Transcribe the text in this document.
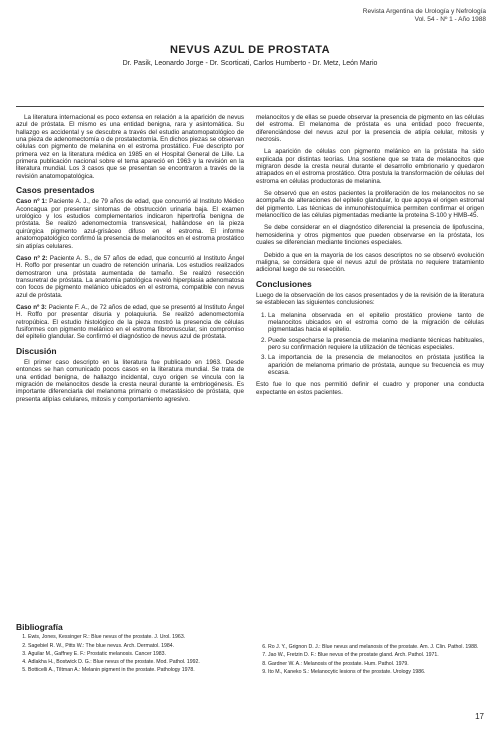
Revista Argentina de Urología y Nefrología
Vol. 54 - Nº 1 - Año 1988
NEVUS AZUL DE PROSTATA
Dr. Pasik, Leonardo Jorge - Dr. Scorticati, Carlos Humberto - Dr. Metz, León Mario

La literatura internacional es poco extensa en relación a la aparición de nevus azul de próstata. El mismo es una entidad benigna, rara y asintomática. Su hallazgo es accidental y se descubre a través del estudio anatomopatológico de una pieza de adenomectomía o de prostatectomía. En dichos piezas se observan células con pigmento de melanina en el estroma prostático. Fue descripto por primera vez en la literatura médica en 1985 en el Hospital General de Lille. La primera publicación nacional sobre el tema apareció en 1963 y la revisión en la literatura mundial. Los 3 casos que se presentan se encontraron a través de la revisión anatomopatológica.

Casos presentados

Caso nº 1: Paciente A. J., de 79 años de edad, que concurrió al Instituto Médico Aconcagua por presentar síntomas de obstrucción urinaria baja. El examen urológico y los estudios complementarios indicaron hipertrofia benigna de próstata. Se realizó adenomectomía transvesical, hallándose en la pieza quirúrgica pigmento azul-grisáceo difuso en el estroma. El informe anatomopatológico confirmó la presencia de melanocitos en el estroma prostático sin atipías celulares.

Caso nº 2: Paciente A. S., de 57 años de edad, que concurrió al Instituto Ángel H. Roffo por presentar un cuadro de retención urinaria. Los estudios realizados demostraron una próstata aumentada de tamaño. Se realizó resección transuretral de próstata. La anatomía patológica reveló hiperplasia adenomatosa con focos de pigmento melánico ubicados en el estroma, compatible con nevus azul de próstata.

Caso nº 3: Paciente F. A., de 72 años de edad, que se presentó al Instituto Ángel H. Roffo por presentar disuria y polaquiuria. Se realizó adenomectomía retropúbica. El estudio histológico de la pieza mostró la presencia de células fusiformes con pigmento melánico en el estroma fibromuscular, sin compromiso del epitelio glandular. Se confirmó el diagnóstico de nevus azul de próstata.

Discusión

El primer caso descripto en la literatura fue publicado en 1963. Desde entonces se han comunicado pocos casos en la literatura mundial. Se trata de una entidad benigna, de hallazgo incidental, cuyo origen se vincula con la migración de melanocitos desde la cresta neural durante la embriogénesis. Es importante diferenciarla del melanoma primario o metastásico de próstata, que presenta atipías celulares, mitosis y comportamiento agresivo.

melanocitos y de ellas se puede observar la presencia de pigmento en las células del estroma. El melanoma de próstata es una entidad poco frecuente, diferenciándose del nevus azul por la presencia de atipía celular, mitosis y necrosis.

La aparición de células con pigmento melánico en la próstata ha sido explicada por distintas teorías. Una sostiene que se trata de melanocitos que migraron desde la cresta neural durante el desarrollo embrionario y quedaron atrapados en el estroma prostático. Otra postula la transformación de células del estroma en células productoras de melanina.

Se observó que en estos pacientes la proliferación de los melanocitos no se acompaña de alteraciones del epitelio glandular, lo que apoya el origen estromal del pigmento. Las técnicas de inmunohistoquímica permiten confirmar el origen melanocítico de las células pigmentadas mediante la proteína S-100 y HMB-45.

Se debe considerar en el diagnóstico diferencial la presencia de lipofuscina, hemosiderina y otros pigmentos que pueden observarse en la próstata, los cuales se diferencian mediante tinciones especiales.

Debido a que en la mayoría de los casos descriptos no se observó evolución maligna, se considera que el nevus azul de próstata no requiere tratamiento adicional luego de su resección.

Conclusiones

Luego de la observación de los casos presentados y de la revisión de la literatura se establecen las siguientes conclusiones:

1. La melanina observada en el epitelio prostático proviene tanto de melanocitos ubicados en el estroma como de la migración de células pigmentadas hacia el epitelio.
2. Puede sospecharse la presencia de melanina mediante técnicas habituales, pero su confirmación requiere la utilización de técnicas especiales.
3. La importancia de la presencia de melanocitos en próstata justifica la aparición de melanoma primario de próstata, aunque su frecuencia es muy escasa.

Esto fue lo que nos permitió definir el cuadro y proponer una conducta expectante en estos pacientes.

Bibliografía
1. Ewis, Jones, Kessinger R.: Blue nevus of the prostate. J. Urol. 1963.
2. Sagebiel R. W., Pitts W.: The blue nevus. Arch. Dermatol. 1984.
3. Aguilar M., Gaffney E. F.: Prostatic melanosis. Cancer 1983.
4. Adlakha H., Bostwick D. G.: Blue nevus of the prostate. Mod. Pathol. 1992.
5. Botticelli A., Tiltman A.: Melanin pigment in the prostate. Pathology 1978.
6. Ro J. Y., Grignon D. J.: Blue nevus and melanosis of the prostate. Am. J. Clin. Pathol. 1988.
7. Jao W., Fretzin D. F.: Blue nevus of the prostate gland. Arch. Pathol. 1971.
8. Gardner W. A.: Melanosis of the prostate. Hum. Pathol. 1979.
9. Ito M., Kaneko S.: Melanocytic lesions of the prostate. Urology 1986.
17
